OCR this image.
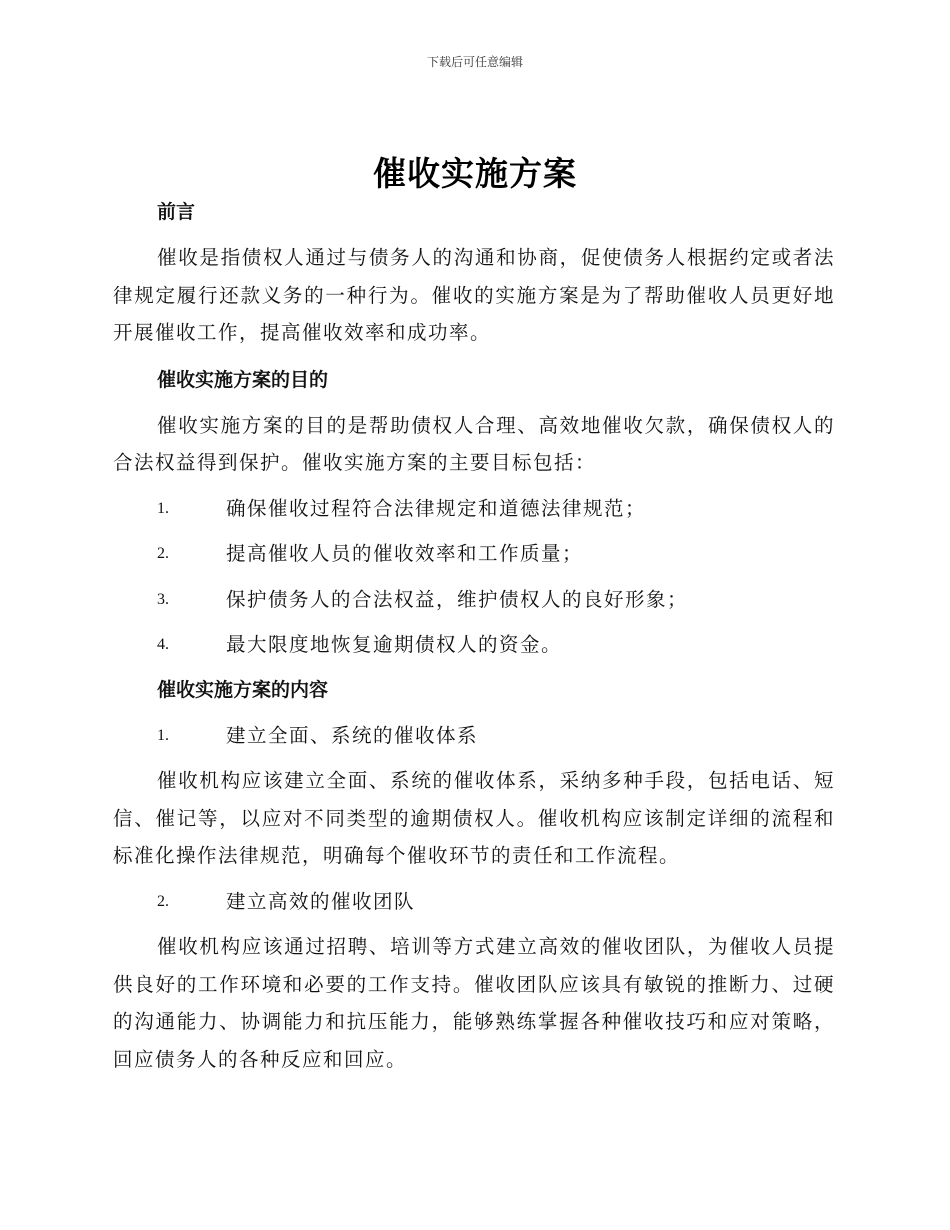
下载后可任意编辑
催收实施方案

前言

催收是指债权人通过与债务人的沟通和协商，促使债务人根据约定或者法律规定履行还款义务的一种行为。催收的实施方案是为了帮助催收人员更好地开展催收工作，提高催收效率和成功率。

催收实施方案的目的

催收实施方案的目的是帮助债权人合理、高效地催收欠款，确保债权人的合法权益得到保护。催收实施方案的主要目标包括：

1.	确保催收过程符合法律规定和道德法律规范；
2.	提高催收人员的催收效率和工作质量；
3.	保护债务人的合法权益，维护债权人的良好形象；
4.	最大限度地恢复逾期债权人的资金。

催收实施方案的内容

1.	建立全面、系统的催收体系

催收机构应该建立全面、系统的催收体系，采纳多种手段，包括电话、短信、催记等，以应对不同类型的逾期债权人。催收机构应该制定详细的流程和标准化操作法律规范，明确每个催收环节的责任和工作流程。

2.	建立高效的催收团队

催收机构应该通过招聘、培训等方式建立高效的催收团队，为催收人员提供良好的工作环境和必要的工作支持。催收团队应该具有敏锐的推断力、过硬的沟通能力、协调能力和抗压能力，能够熟练掌握各种催收技巧和应对策略，回应债务人的各种反应和回应。
